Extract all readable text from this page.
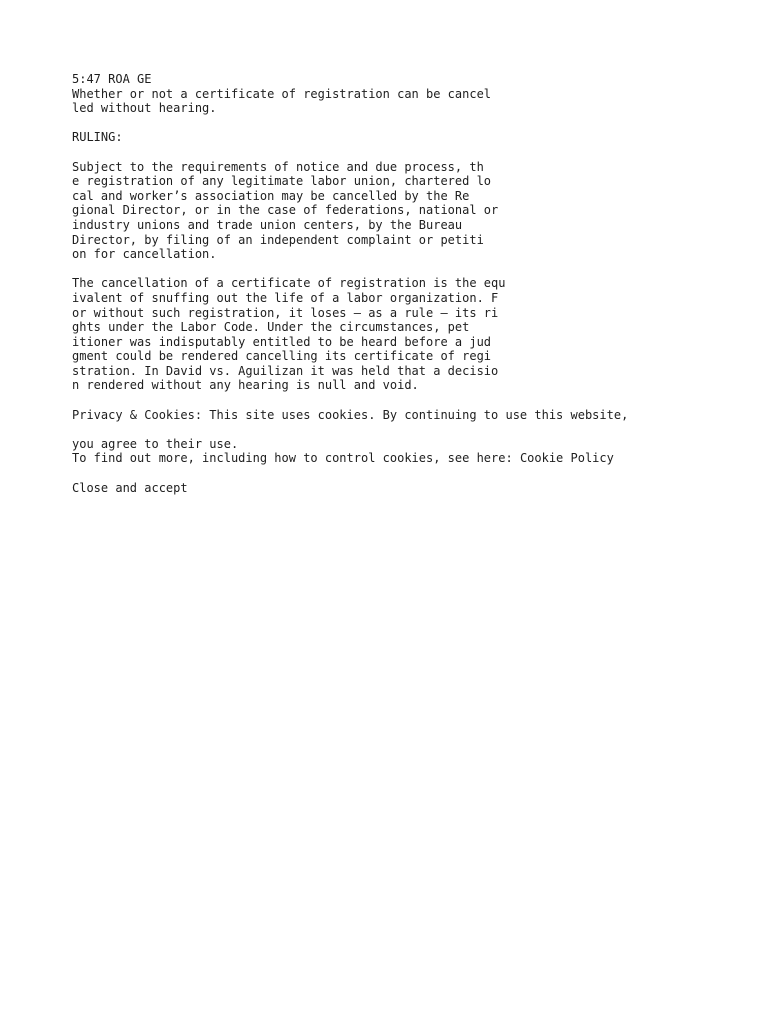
5:47 ROA GE
Whether or not a certificate of registration can be cancel
led without hearing.
RULING:
Subject to the requirements of notice and due process, th
e registration of any legitimate labor union, chartered lo
cal and worker’s association may be cancelled by the Re
gional Director, or in the case of federations, national or
industry unions and trade union centers, by the Bureau
Director, by filing of an independent complaint or petiti
on for cancellation.
The cancellation of a certificate of registration is the equ
ivalent of snuffing out the life of a labor organization. F
or without such registration, it loses — as a rule — its ri
ghts under the Labor Code. Under the circumstances, pet
itioner was indisputably entitled to be heard before a jud
gment could be rendered cancelling its certificate of regi
stration. In David vs. Aguilizan it was held that a decisio
n rendered without any hearing is null and void.
Privacy & Cookies: This site uses cookies. By continuing to use this website,
you agree to their use.
To find out more, including how to control cookies, see here: Cookie Policy
Close and accept
